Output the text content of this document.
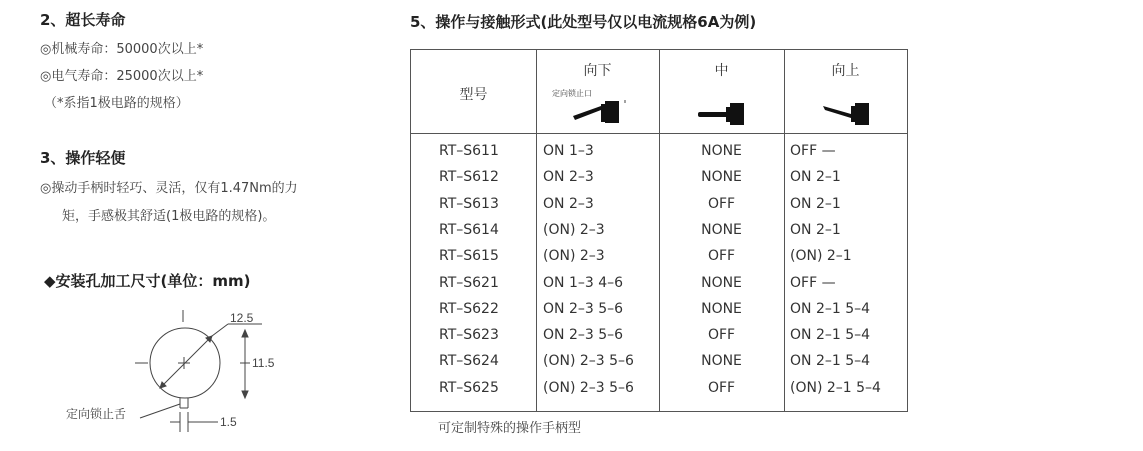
2、超长寿命
◎机械寿命：50000次以上*
◎电气寿命：25000次以上*
（*系指1极电路的规格）
3、操作轻便
◎操动手柄时轻巧、灵活，仅有1.47Nm的力
矩，手感极其舒适(1极电路的规格)。
◆安装孔加工尺寸(单位：mm)
12.5
11.5
1.5
定向锁止舌
5、操作与接触形式(此处型号仅以电流规格6A为例)
型号
向下	中	向上
定向锁止口
RT–S611	ON 1–3	NONE	OFF —
RT–S612	ON 2–3	NONE	ON 2–1
RT–S613	ON 2–3	OFF	ON 2–1
RT–S614	(ON) 2–3	NONE	ON 2–1
RT–S615	(ON) 2–3	OFF	(ON) 2–1
RT–S621	ON 1–3 4–6	NONE	OFF —
RT–S622	ON 2–3 5–6	NONE	ON 2–1 5–4
RT–S623	ON 2–3 5–6	OFF	ON 2–1 5–4
RT–S624	(ON) 2–3 5–6	NONE	ON 2–1 5–4
RT–S625	(ON) 2–3 5–6	OFF	(ON) 2–1 5–4
可定制特殊的操作手柄型
